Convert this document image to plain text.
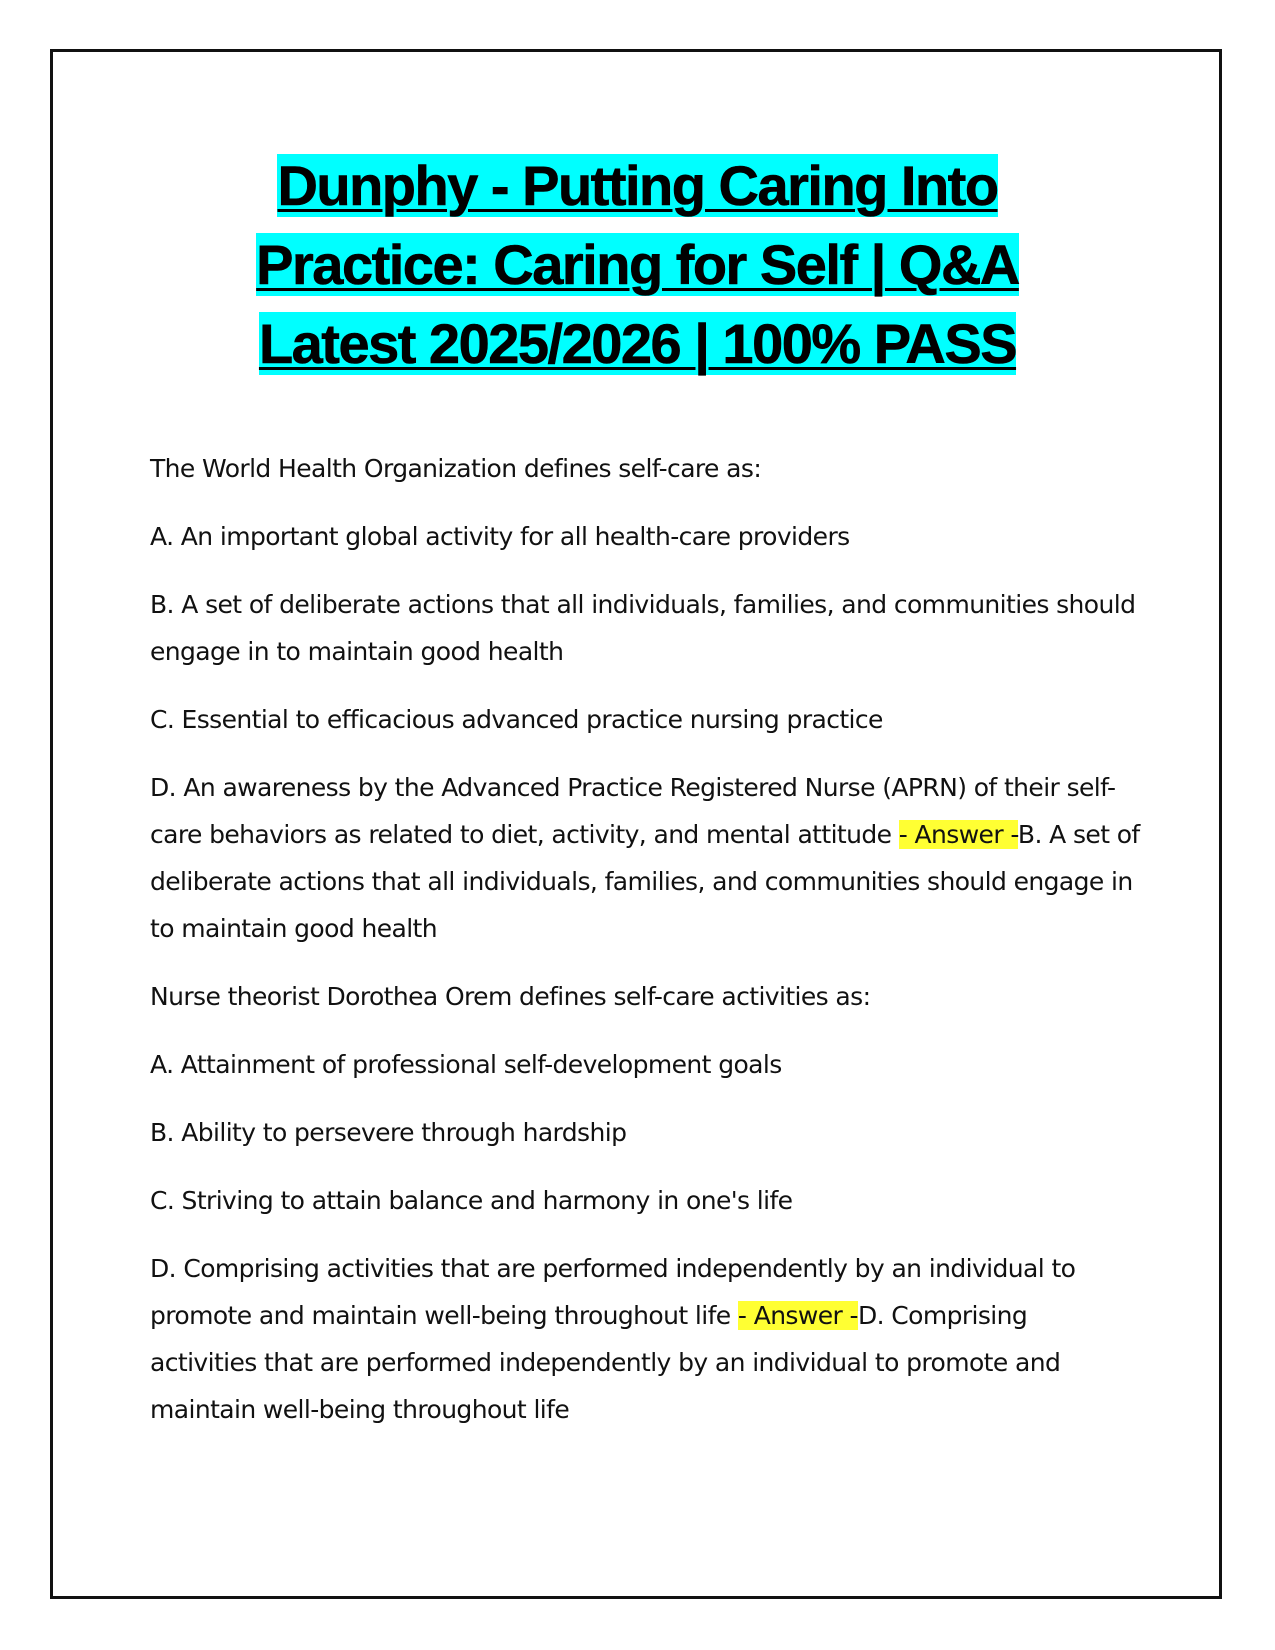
Dunphy - Putting Caring Into
Practice: Caring for Self | Q&A
Latest 2025/2026 | 100% PASS

The World Health Organization defines self-care as:

A. An important global activity for all health-care providers

B. A set of deliberate actions that all individuals, families, and communities should engage in to maintain good health

C. Essential to efficacious advanced practice nursing practice

D. An awareness by the Advanced Practice Registered Nurse (APRN) of their self-care behaviors as related to diet, activity, and mental attitude - Answer -B. A set of deliberate actions that all individuals, families, and communities should engage in to maintain good health

Nurse theorist Dorothea Orem defines self-care activities as:

A. Attainment of professional self-development goals

B. Ability to persevere through hardship

C. Striving to attain balance and harmony in one's life

D. Comprising activities that are performed independently by an individual to promote and maintain well-being throughout life - Answer -D. Comprising activities that are performed independently by an individual to promote and maintain well-being throughout life
